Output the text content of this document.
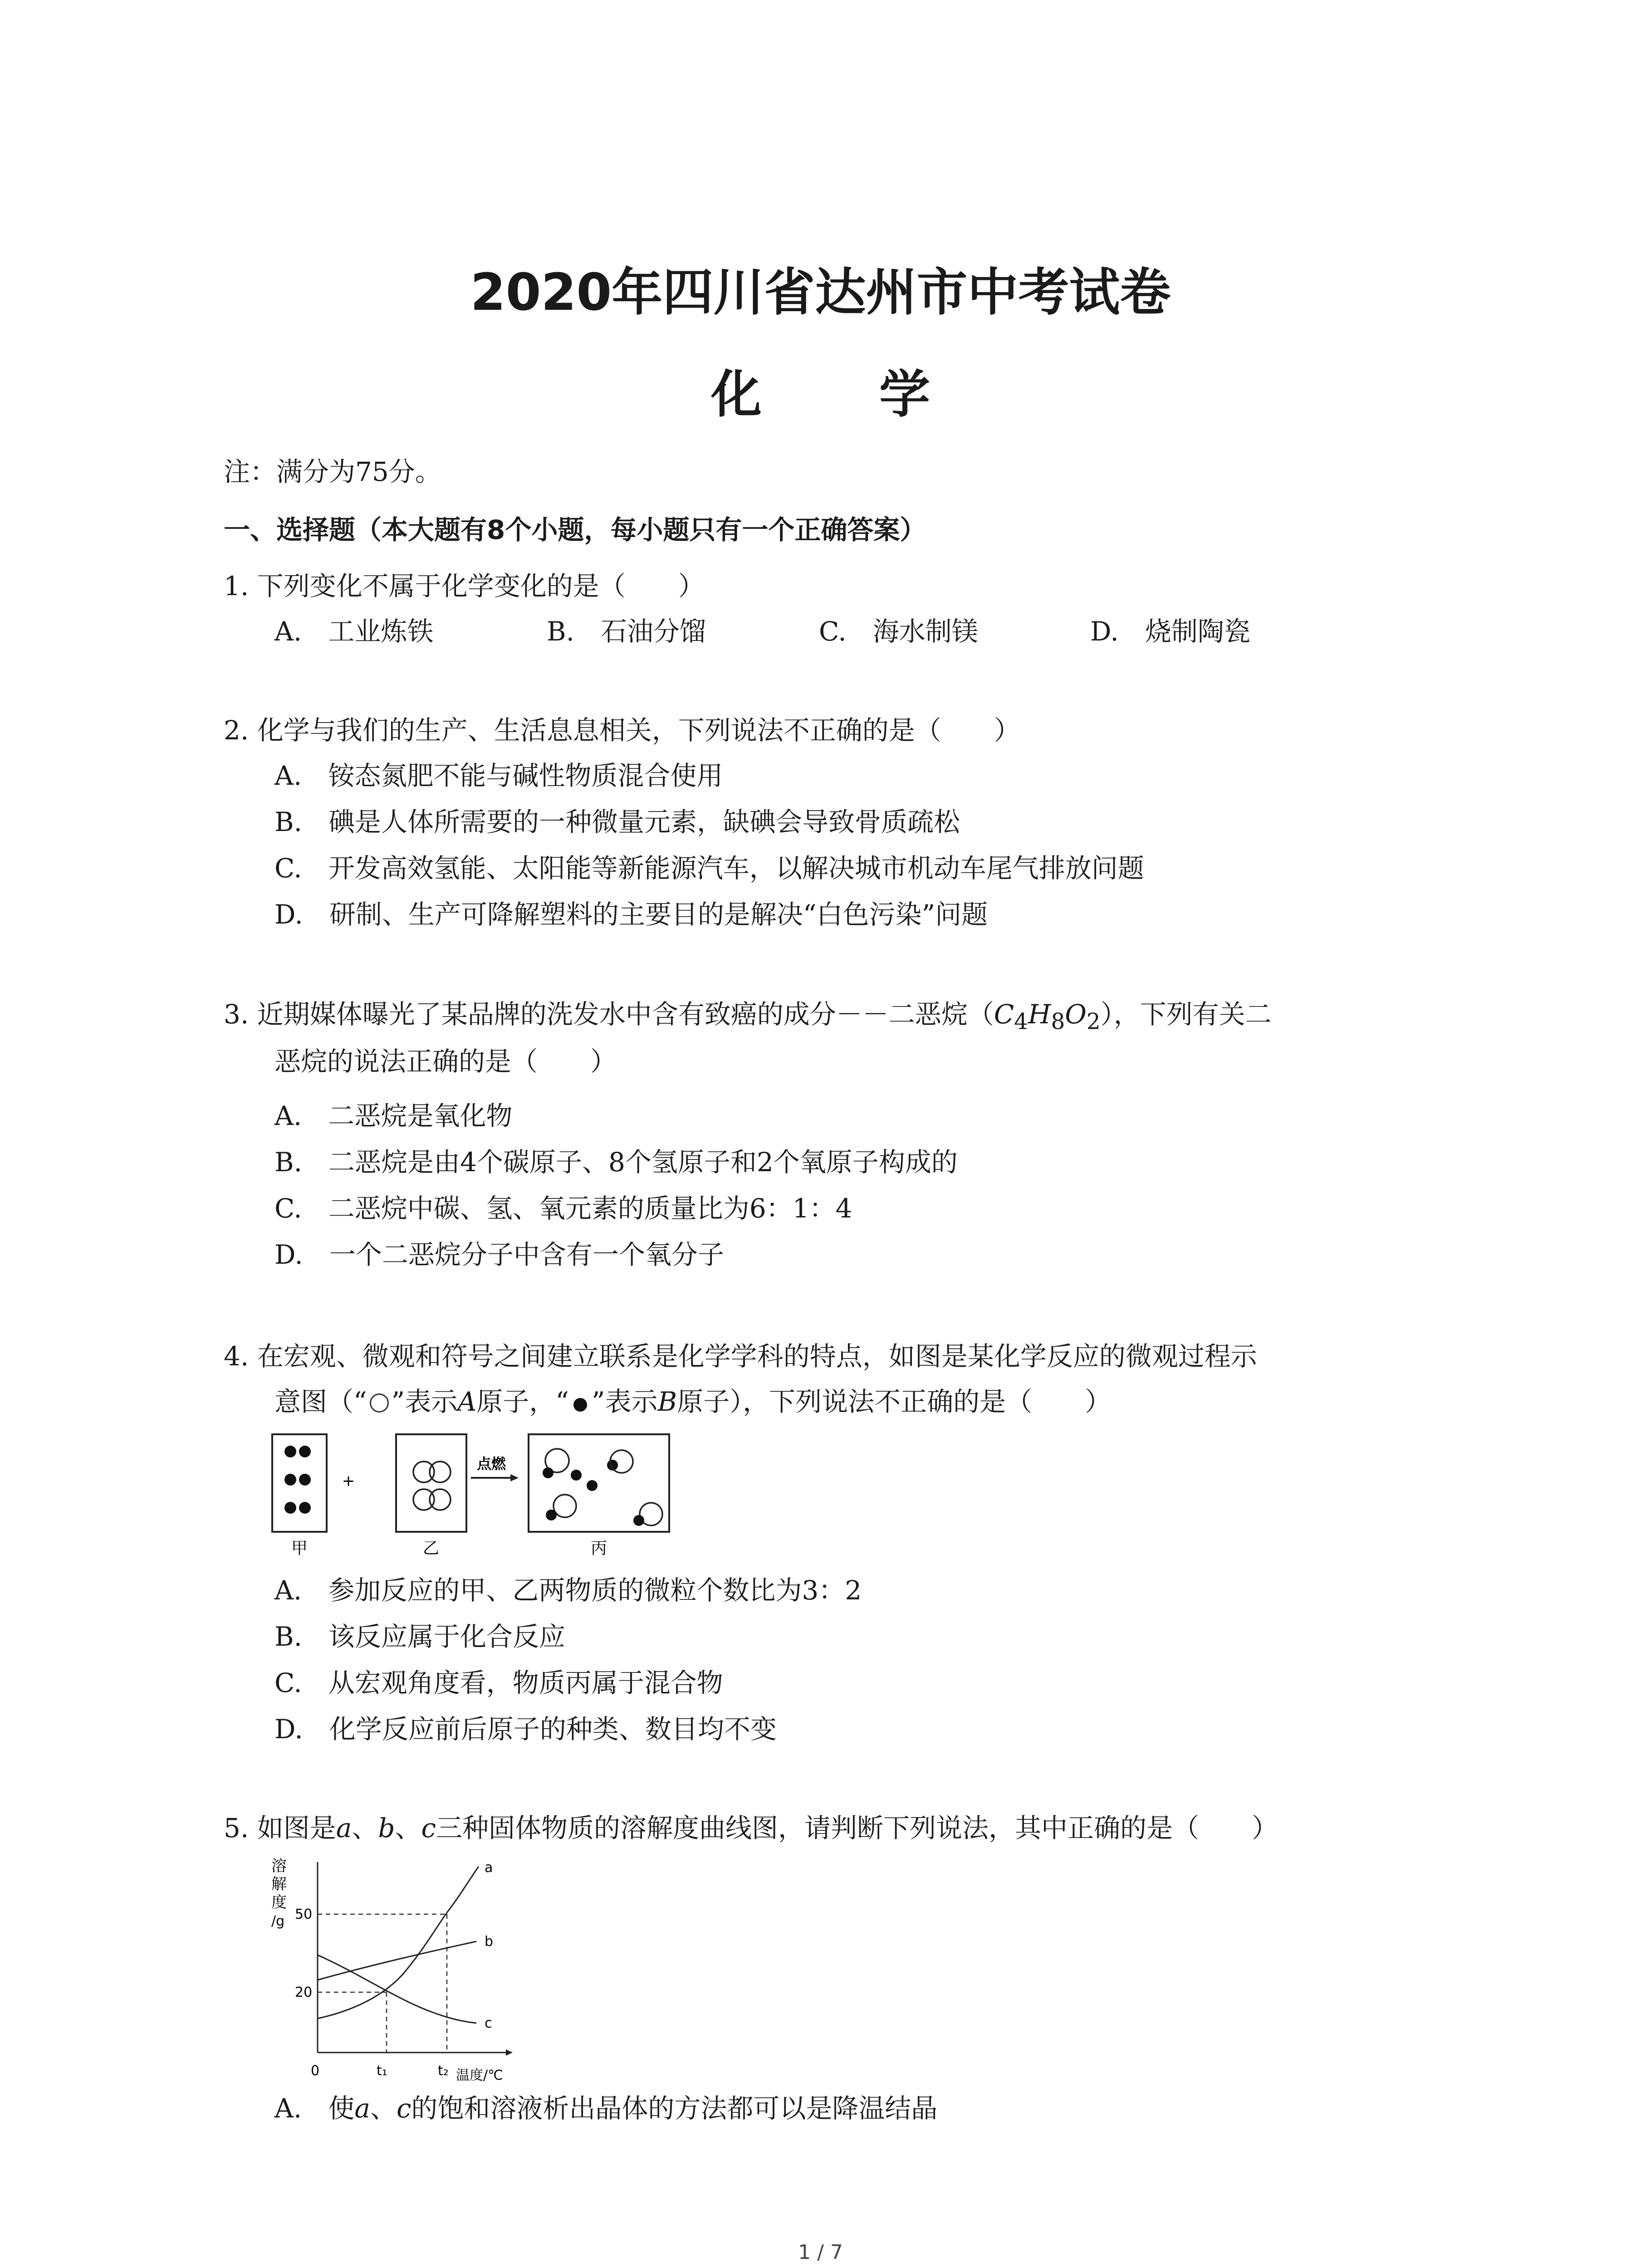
2020年四川省达州市中考试卷
化 学
注：满分为75分。
一、选择题（本大题有8个小题，每小题只有一个正确答案）
1. 下列变化不属于化学变化的是（　　）
A.　工业炼铁	B.　石油分馏	C.　海水制镁	D.　烧制陶瓷
2. 化学与我们的生产、生活息息相关，下列说法不正确的是（　　）
A.　铵态氮肥不能与碱性物质混合使用
B.　碘是人体所需要的一种微量元素，缺碘会导致骨质疏松
C.　开发高效氢能、太阳能等新能源汽车，以解决城市机动车尾气排放问题
D.　研制、生产可降解塑料的主要目的是解决“白色污染”问题
3. 近期媒体曝光了某品牌的洗发水中含有致癌的成分－－二恶烷$(C_4H_8O_2)$，下列有关二
恶烷的说法正确的是（　　）
A.　二恶烷是氧化物
B.　二恶烷是由4个碳原子、8个氢原子和2个氧原子构成的
C.　二恶烷中碳、氢、氧元素的质量比为6：1：4
D.　一个二恶烷分子中含有一个氧分子
4. 在宏观、微观和符号之间建立联系是化学学科的特点，如图是某化学反应的微观过程示
意图（“ ”表示A原子，“ ”表示B原子），下列说法不正确的是（　　）
+
点燃
甲	乙	丙
A.　参加反应的甲、乙两物质的微粒个数比为3：2
B.　该反应属于化合反应
C.　从宏观角度看，物质丙属于混合物
D.　化学反应前后原子的种类、数目均不变
5. 如图是a、b、c三种固体物质的溶解度曲线图，请判断下列说法，其中正确的是（　　）
溶
解
度
/g 50
20
0	t₁	t₂ 温度/℃
a
b
c
A.　使a、c的饱和溶液析出晶体的方法都可以是降温结晶
1 / 7
